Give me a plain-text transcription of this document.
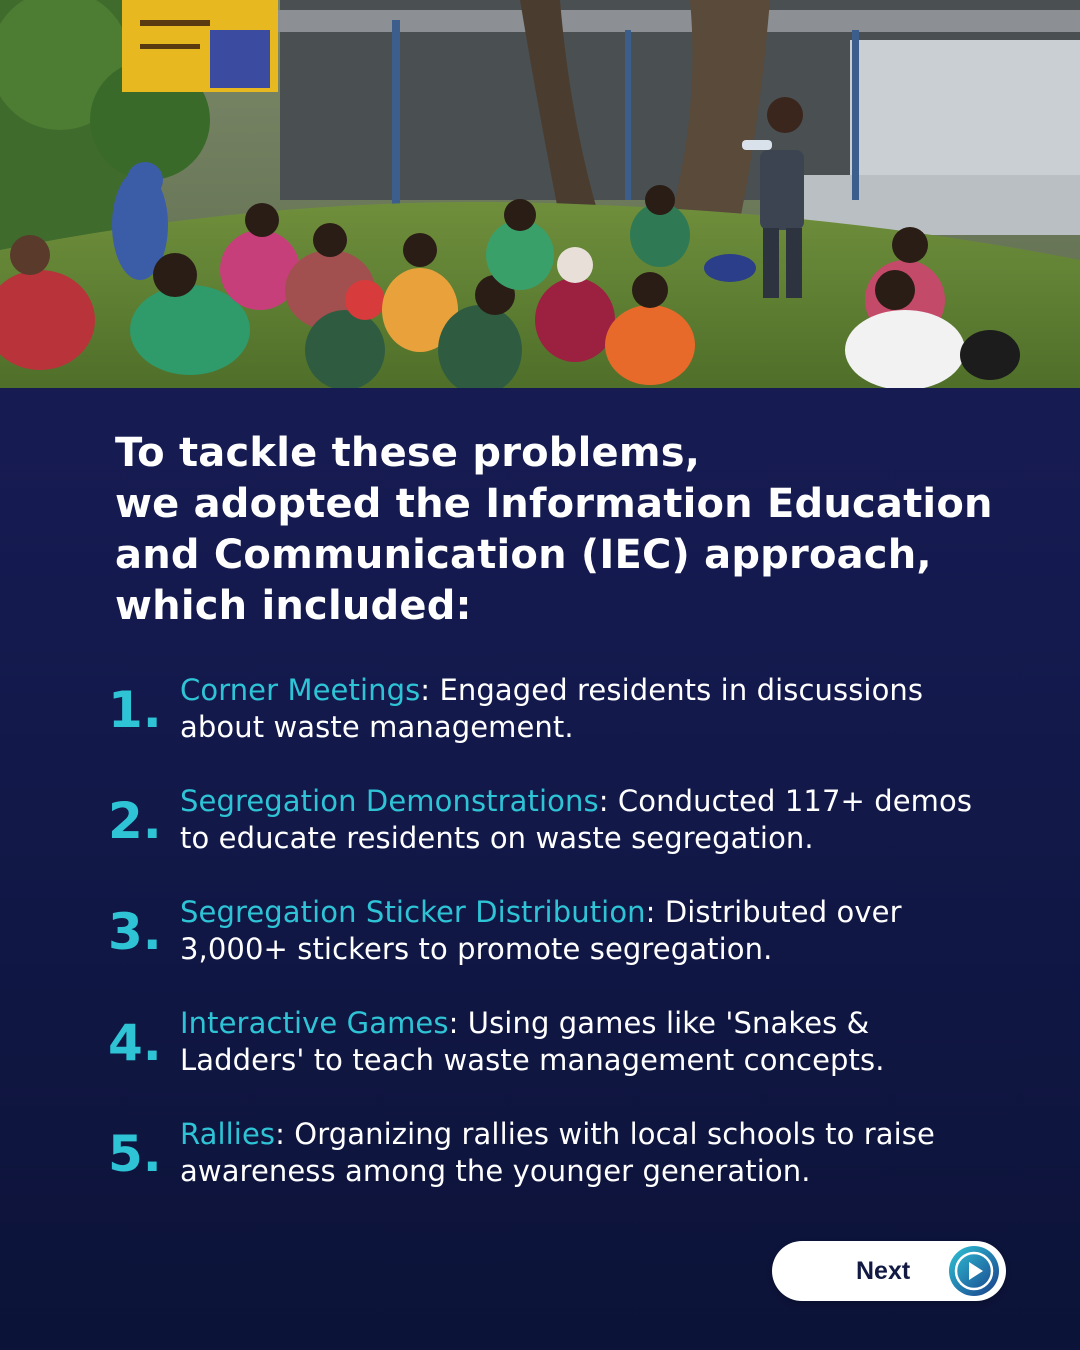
To tackle these problems,
we adopted the Information Education
and Communication (IEC) approach,
which included:
1. Corner Meetings: Engaged residents in discussions
about waste management.
2. Segregation Demonstrations: Conducted 117+ demos
to educate residents on waste segregation.
3. Segregation Sticker Distribution: Distributed over
3,000+ stickers to promote segregation.
4. Interactive Games: Using games like 'Snakes &
Ladders' to teach waste management concepts.
5. Rallies: Organizing rallies with local schools to raise
awareness among the younger generation.
Next
